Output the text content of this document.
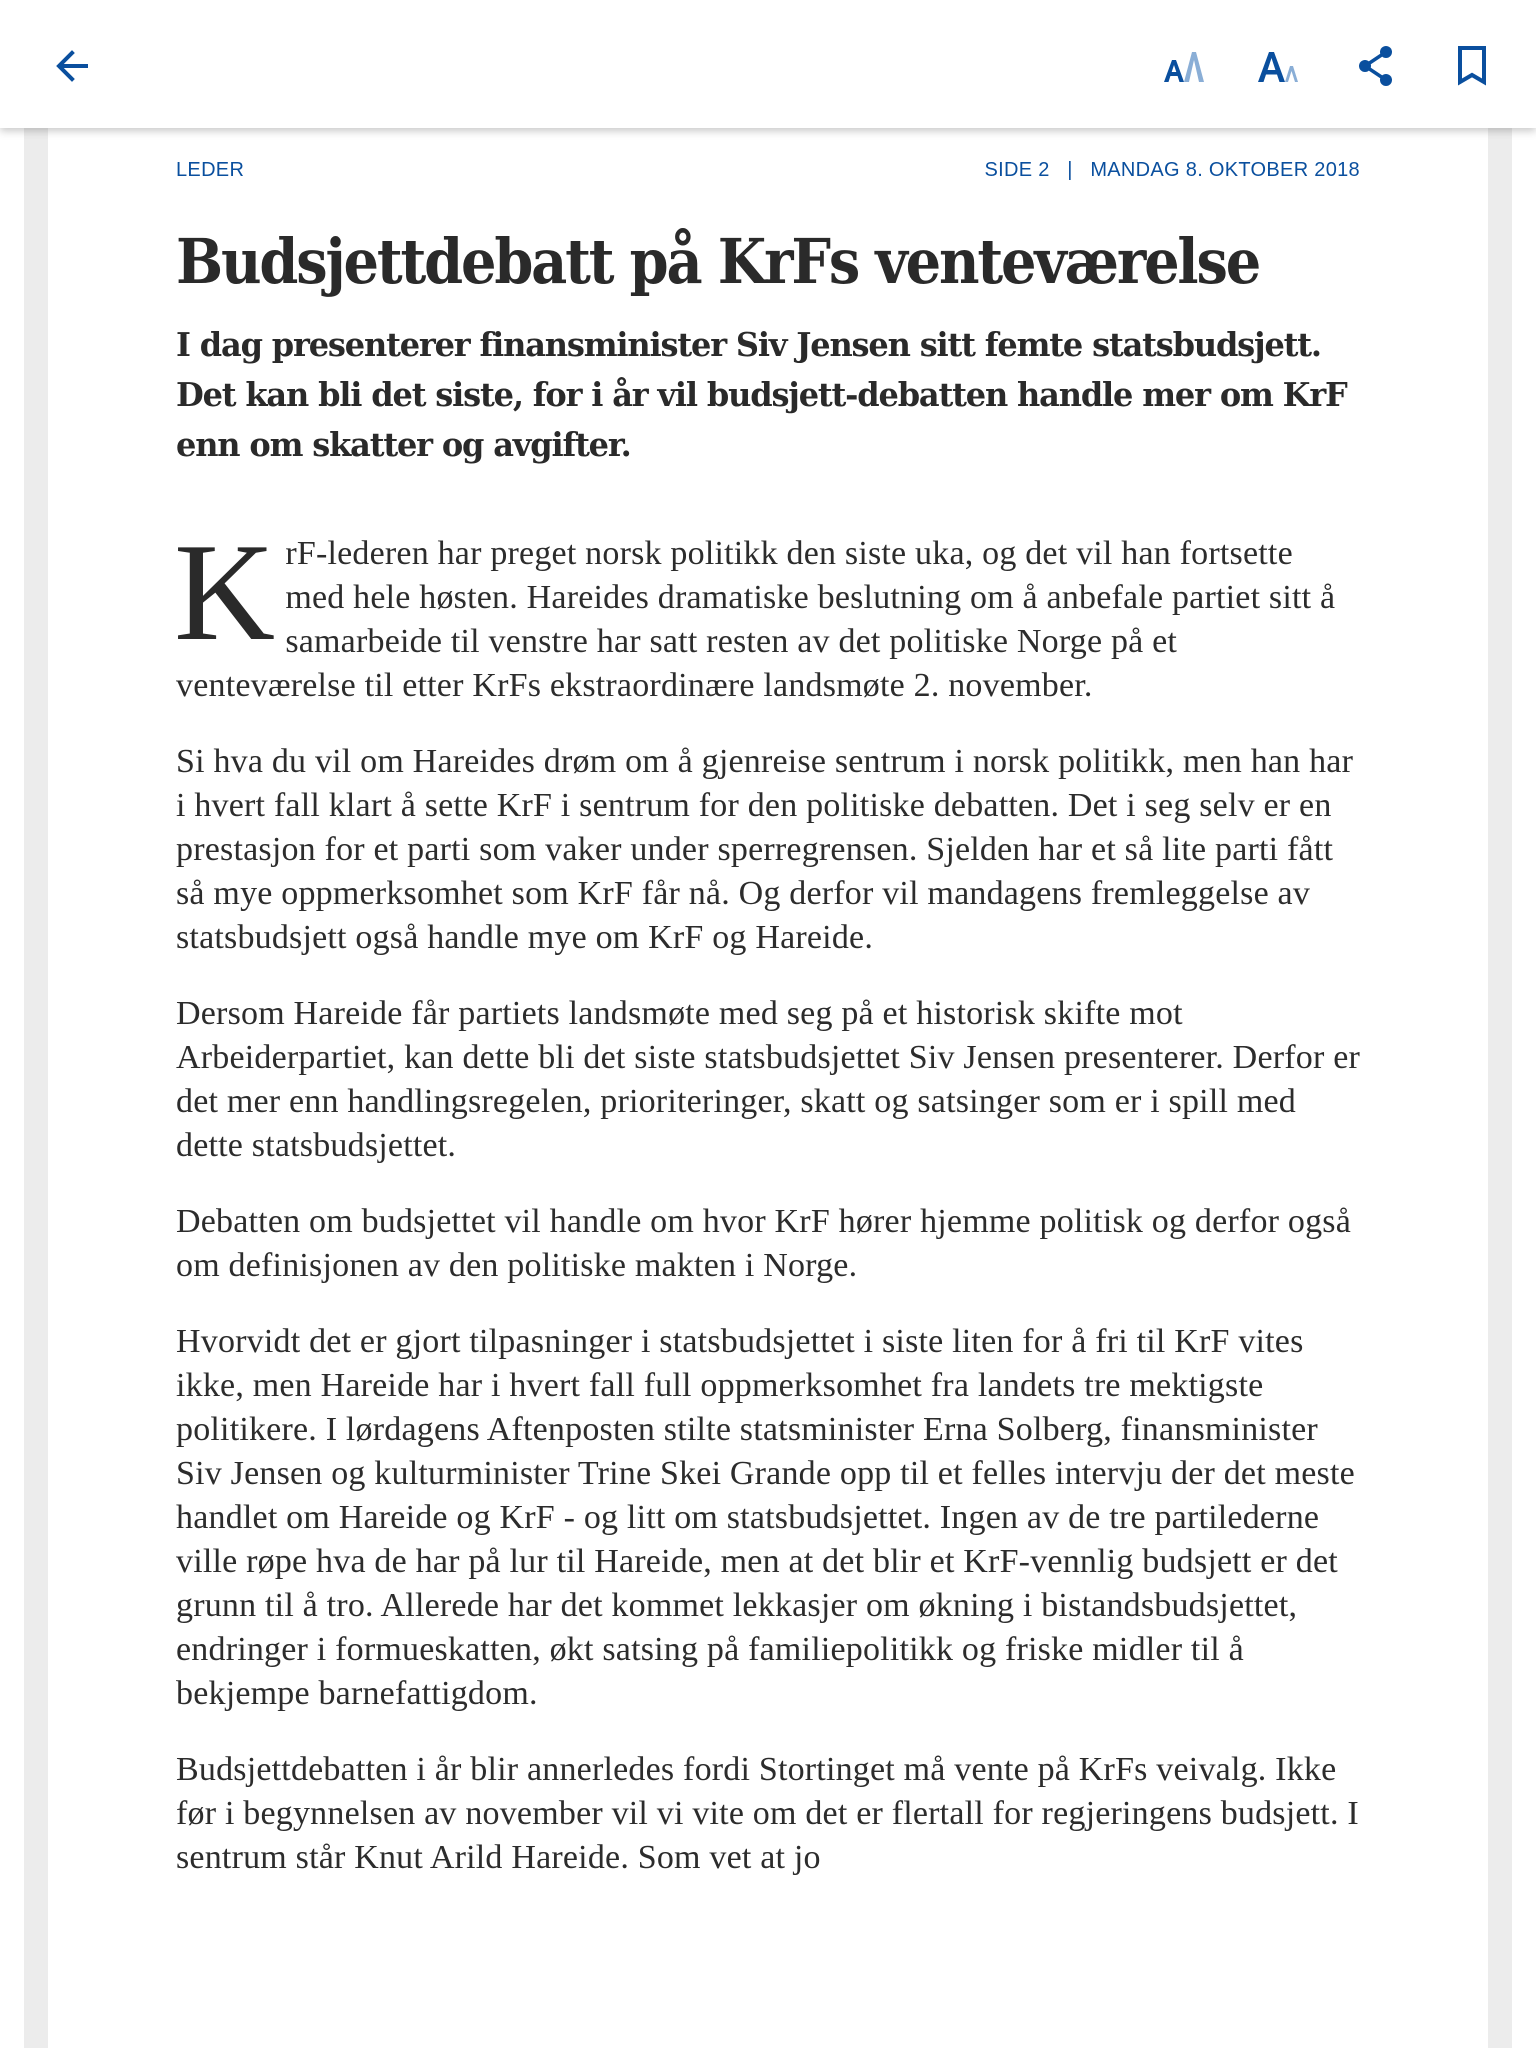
LEDER	SIDE 2 | MANDAG 8. OKTOBER 2018
Budsjettdebatt på KrFs venteværelse

I dag presenterer finansminister Siv Jensen sitt femte statsbudsjett. Det kan bli det siste, for i år vil budsjett-debatten handle mer om KrF enn om skatter og avgifter.

KrF-lederen har preget norsk politikk den siste uka, og det vil han fortsette med hele høsten. Hareides dramatiske beslutning om å anbefale partiet sitt å samarbeide til venstre har satt resten av det politiske Norge på et venteværelse til etter KrFs ekstraordinære landsmøte 2. november.

Si hva du vil om Hareides drøm om å gjenreise sentrum i norsk politikk, men han har i hvert fall klart å sette KrF i sentrum for den politiske debatten. Det i seg selv er en prestasjon for et parti som vaker under sperregrensen. Sjelden har et så lite parti fått så mye oppmerksomhet som KrF får nå. Og derfor vil mandagens fremleggelse av statsbudsjett også handle mye om KrF og Hareide.

Dersom Hareide får partiets landsmøte med seg på et historisk skifte mot Arbeiderpartiet, kan dette bli det siste statsbudsjettet Siv Jensen presenterer. Derfor er det mer enn handlingsregelen, prioriteringer, skatt og satsinger som er i spill med dette statsbudsjettet.

Debatten om budsjettet vil handle om hvor KrF hører hjemme politisk og derfor også om definisjonen av den politiske makten i Norge.

Hvorvidt det er gjort tilpasninger i statsbudsjettet i siste liten for å fri til KrF vites ikke, men Hareide har i hvert fall full oppmerksomhet fra landets tre mektigste politikere. I lørdagens Aftenposten stilte statsminister Erna Solberg, finansminister Siv Jensen og kulturminister Trine Skei Grande opp til et felles intervju der det meste handlet om Hareide og KrF - og litt om statsbudsjettet. Ingen av de tre partilederne ville røpe hva de har på lur til Hareide, men at det blir et KrF-vennlig budsjett er det grunn til å tro. Allerede har det kommet lekkasjer om økning i bistandsbudsjettet, endringer i formueskatten, økt satsing på familiepolitikk og friske midler til å bekjempe barnefattigdom.

Budsjettdebatten i år blir annerledes fordi Stortinget må vente på KrFs veivalg. Ikke før i begynnelsen av november vil vi vite om det er flertall for regjeringens budsjett. I sentrum står Knut Arild Hareide. Som vet at jo
